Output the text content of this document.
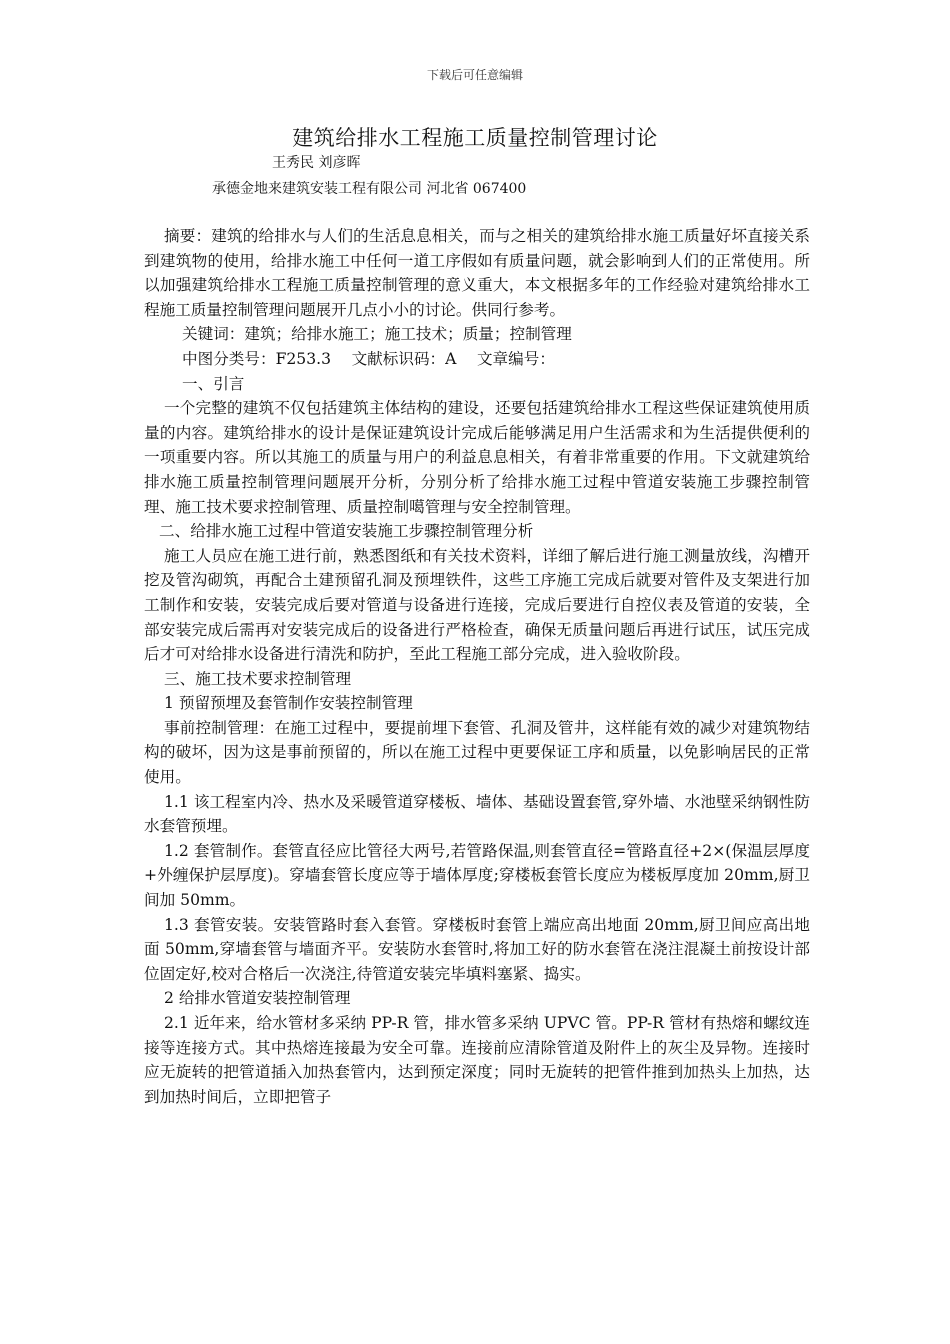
下载后可任意编辑
建筑给排水工程施工质量控制管理讨论
王秀民 刘彦晖
承德金地来建筑安装工程有限公司 河北省 067400

摘要：建筑的给排水与人们的生活息息相关，而与之相关的建筑给排水施工质量好坏直接关系到建筑物的使用，给排水施工中任何一道工序假如有质量问题，就会影响到人们的正常使用。所以加强建筑给排水工程施工质量控制管理的意义重大，本文根据多年的工作经验对建筑给排水工程施工质量控制管理问题展开几点小小的讨论。供同行参考。

关键词：建筑；给排水施工；施工技术；质量；控制管理

中图分类号：F253.3　 文献标识码：A　 文章编号：

一、引言

一个完整的建筑不仅包括建筑主体结构的建设，还要包括建筑给排水工程这些保证建筑使用质量的内容。建筑给排水的设计是保证建筑设计完成后能够满足用户生活需求和为生活提供便利的一项重要内容。所以其施工的质量与用户的利益息息相关，有着非常重要的作用。下文就建筑给排水施工质量控制管理问题展开分析，分别分析了给排水施工过程中管道安装施工步骤控制管理、施工技术要求控制管理、质量控制噶管理与安全控制管理。

二、给排水施工过程中管道安装施工步骤控制管理分析

施工人员应在施工进行前，熟悉图纸和有关技术资料，详细了解后进行施工测量放线，沟槽开挖及管沟砌筑，再配合土建预留孔洞及预埋铁件，这些工序施工完成后就要对管件及支架进行加工制作和安装，安装完成后要对管道与设备进行连接，完成后要进行自控仪表及管道的安装，全部安装完成后需再对安装完成后的设备进行严格检查，确保无质量问题后再进行试压，试压完成后才可对给排水设备进行清洗和防护，至此工程施工部分完成，进入验收阶段。

三、施工技术要求控制管理

1 预留预埋及套管制作安装控制管理

事前控制管理：在施工过程中，要提前埋下套管、孔洞及管井，这样能有效的减少对建筑物结构的破坏，因为这是事前预留的，所以在施工过程中更要保证工序和质量，以免影响居民的正常使用。

1.1 该工程室内冷、热水及采暖管道穿楼板、墙体、基础设置套管,穿外墙、水池壁采纳钢性防水套管预埋。

1.2 套管制作。套管直径应比管径大两号,若管路保温,则套管直径=管路直径+2×(保温层厚度+外缠保护层厚度)。穿墙套管长度应等于墙体厚度;穿楼板套管长度应为楼板厚度加 20mm,厨卫间加 50mm。

1.3 套管安装。安装管路时套入套管。穿楼板时套管上端应高出地面 20mm,厨卫间应高出地面 50mm,穿墙套管与墙面齐平。安装防水套管时,将加工好的防水套管在浇注混凝土前按设计部位固定好,校对合格后一次浇注,待管道安装完毕填料塞紧、捣实。

2 给排水管道安装控制管理

2.1 近年来，给水管材多采纳 PP-R 管，排水管多采纳 UPVC 管。PP-R 管材有热熔和螺纹连接等连接方式。其中热熔连接最为安全可靠。连接前应清除管道及附件上的灰尘及异物。连接时应无旋转的把管道插入加热套管内，达到预定深度；同时无旋转的把管件推到加热头上加热，达到加热时间后，立即把管子
